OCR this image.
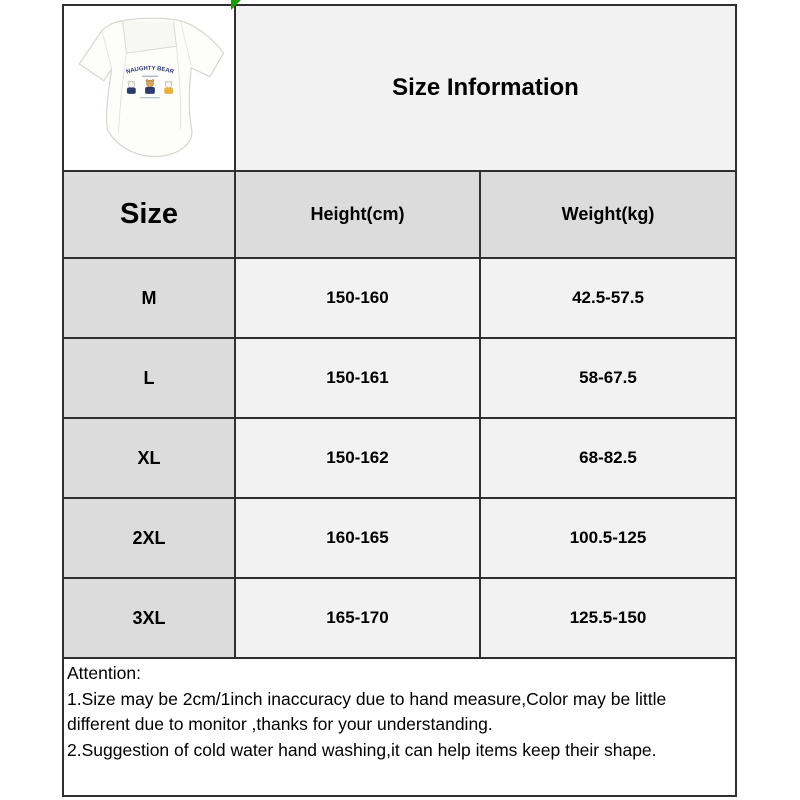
NAUGHTY BEAR
Size Information
Size	Height(cm)	Weight(kg)
M	150-160	42.5-57.5
L	150-161	58-67.5
XL	150-162	68-82.5
2XL	160-165	100.5-125
3XL	165-170	125.5-150
Attention:
1.Size may be 2cm/1inch inaccuracy due to hand measure,Color may be little
different due to monitor ,thanks for your understanding.
2.Suggestion of cold water hand washing,it can help items keep their shape.
